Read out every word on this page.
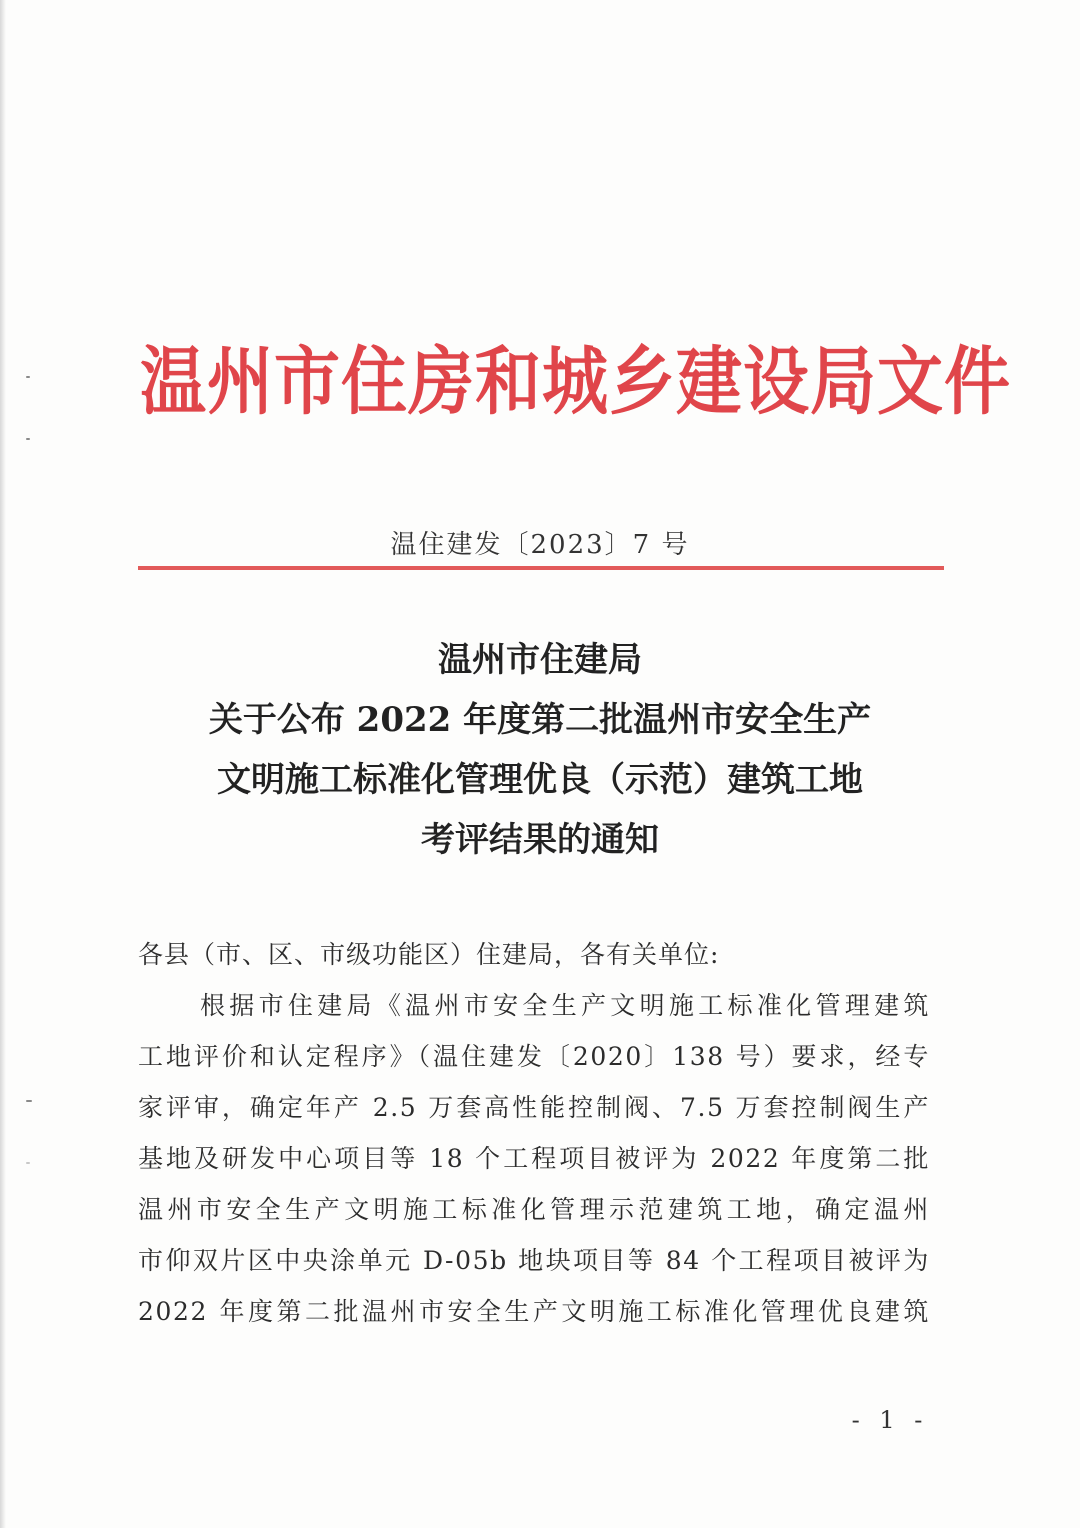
温州市住房和城乡建设局文件
温住建发〔2023〕7 号
温州市住建局
关于公布 2022 年度第二批温州市安全生产
文明施工标准化管理优良（示范）建筑工地
考评结果的通知
各县（市、区、市级功能区）住建局，各有关单位:
根据市住建局《温州市安全生产文明施工标准化管理建筑
工地评价和认定程序》（温住建发〔2020〕138 号）要求，经专
家评审，确定年产 2.5 万套高性能控制阀、7.5 万套控制阀生产
基地及研发中心项目等 18 个工程项目被评为 2022 年度第二批
温州市安全生产文明施工标准化管理示范建筑工地，确定温州
市仰双片区中央涂单元 D-05b 地块项目等 84 个工程项目被评为
2022 年度第二批温州市安全生产文明施工标准化管理优良建筑
- 1 -
